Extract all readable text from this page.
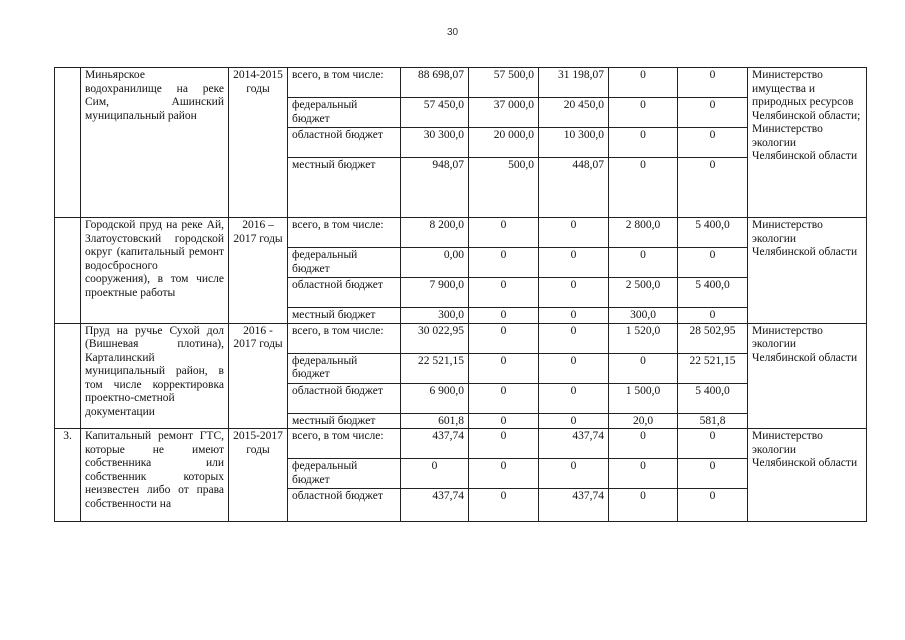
30
	Миньярское водохранилище на реке Сим, Ашинский муниципальный район	2014-2015 годы	всего, в том числе:	88 698,07	57 500,0	31 198,07	0	0	Министерство имущества и природных ресурсов Челябинской области;
Министерство экологии Челябинской области

			федеральный бюджет	57 450,0	37 000,0	20 450,0	0	0	
			областной бюджет	30 300,0	20 000,0	10 300,0	0	0	
			местный бюджет	948,07	500,0	448,07	0	0	
	Городской пруд на реке Ай, Златоустовский городской округ (капитальный ремонт водосбросного сооружения), в том числе проектные работы	2016 – 2017 годы	всего, в том числе:	8 200,0	0	0	2 800,0	5 400,0	Министерство экологии Челябинской области

			федеральный бюджет	0,00	0	0	0	0	
			областной бюджет	7 900,0	0	0	2 500,0	5 400,0	
			местный бюджет	300,0	0	0	300,0	0	
	Пруд на ручье Сухой дол (Вишневая плотина), Карталинский муниципальный район, в том числе корректировка проектно-сметной документации	2016 - 2017 годы	всего, в том числе:	30 022,95	0	0	1 520,0	28 502,95	Министерство экологии Челябинской области

			федеральный бюджет	22 521,15	0	0	0	22 521,15	
			областной бюджет	6 900,0	0	0	1 500,0	5 400,0	
			местный бюджет	601,8	0	0	20,0	581,8	
3.	Капитальный ремонт ГТС, которые не имеют собственника или собственник которых неизвестен либо от права собственности на	2015-2017 годы	всего, в том числе:	437,74	0	437,74	0	0	Министерство экологии Челябинской области

			федеральный бюджет	0	0	0	0	0	
			областной бюджет	437,74	0	437,74	0	0	
